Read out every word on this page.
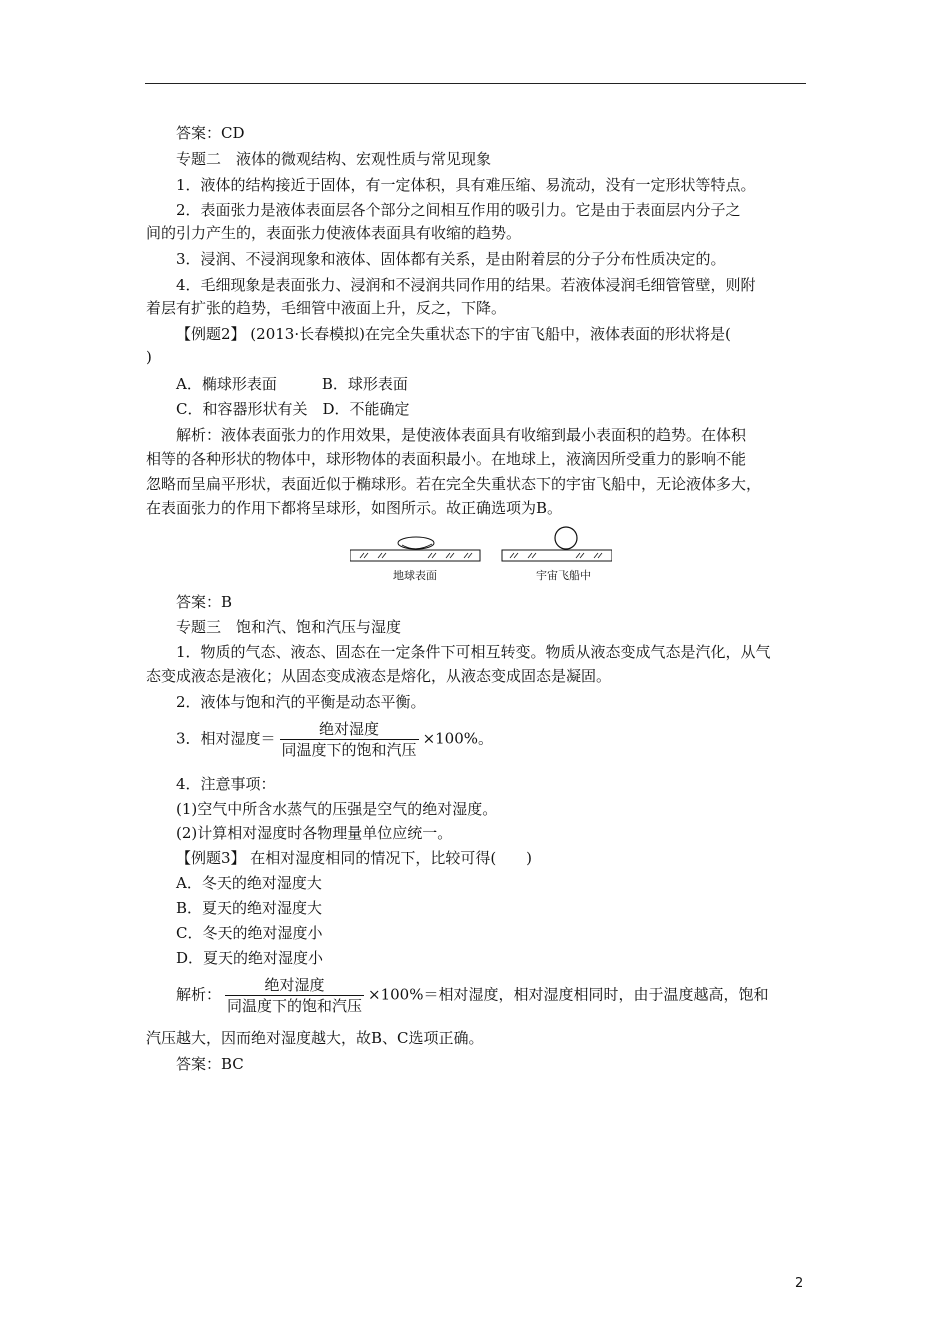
答案：CD
专题二　液体的微观结构、宏观性质与常见现象
1．液体的结构接近于固体，有一定体积，具有难压缩、易流动，没有一定形状等特点。
2．表面张力是液体表面层各个部分之间相互作用的吸引力。它是由于表面层内分子之
间的引力产生的，表面张力使液体表面具有收缩的趋势。
3．浸润、不浸润现象和液体、固体都有关系，是由附着层的分子分布性质决定的。
4．毛细现象是表面张力、浸润和不浸润共同作用的结果。若液体浸润毛细管管壁，则附
着层有扩张的趋势，毛细管中液面上升，反之，下降。
【例题2】 (2013·长春模拟)在完全失重状态下的宇宙飞船中，液体表面的形状将是(
)
A．椭球形表面　　　B．球形表面
C．和容器形状有关　D．不能确定
解析：液体表面张力的作用效果，是使液体表面具有收缩到最小表面积的趋势。在体积
相等的各种形状的物体中，球形物体的表面积最小。在地球上，液滴因所受重力的影响不能
忽略而呈扁平形状，表面近似于椭球形。若在完全失重状态下的宇宙飞船中，无论液体多大，
在表面张力的作用下都将呈球形，如图所示。故正确选项为B。
地球表面	宇宙飞船中
答案：B
专题三　饱和汽、饱和汽压与湿度
1．物质的气态、液态、固态在一定条件下可相互转变。物质从液态变成气态是汽化，从气
态变成液态是液化；从固态变成液态是熔化，从液态变成固态是凝固。
2．液体与饱和汽的平衡是动态平衡。
3．相对湿度＝ $\frac{\text{绝对湿度}}{\text{同温度下的饱和汽压}} \times 100\%$。
4．注意事项：
(1)空气中所含水蒸气的压强是空气的绝对湿度。
(2)计算相对湿度时各物理量单位应统一。
【例题3】 在相对湿度相同的情况下，比较可得(　　)
A．冬天的绝对湿度大
B．夏天的绝对湿度大
C．冬天的绝对湿度小
D．夏天的绝对湿度小
解析： $\frac{\text{绝对湿度}}{\text{同温度下的饱和汽压}} \times 100\%=$相对湿度，相对湿度相同时，由于温度越高，饱和
汽压越大，因而绝对湿度越大，故B、C选项正确。
答案：BC
2
